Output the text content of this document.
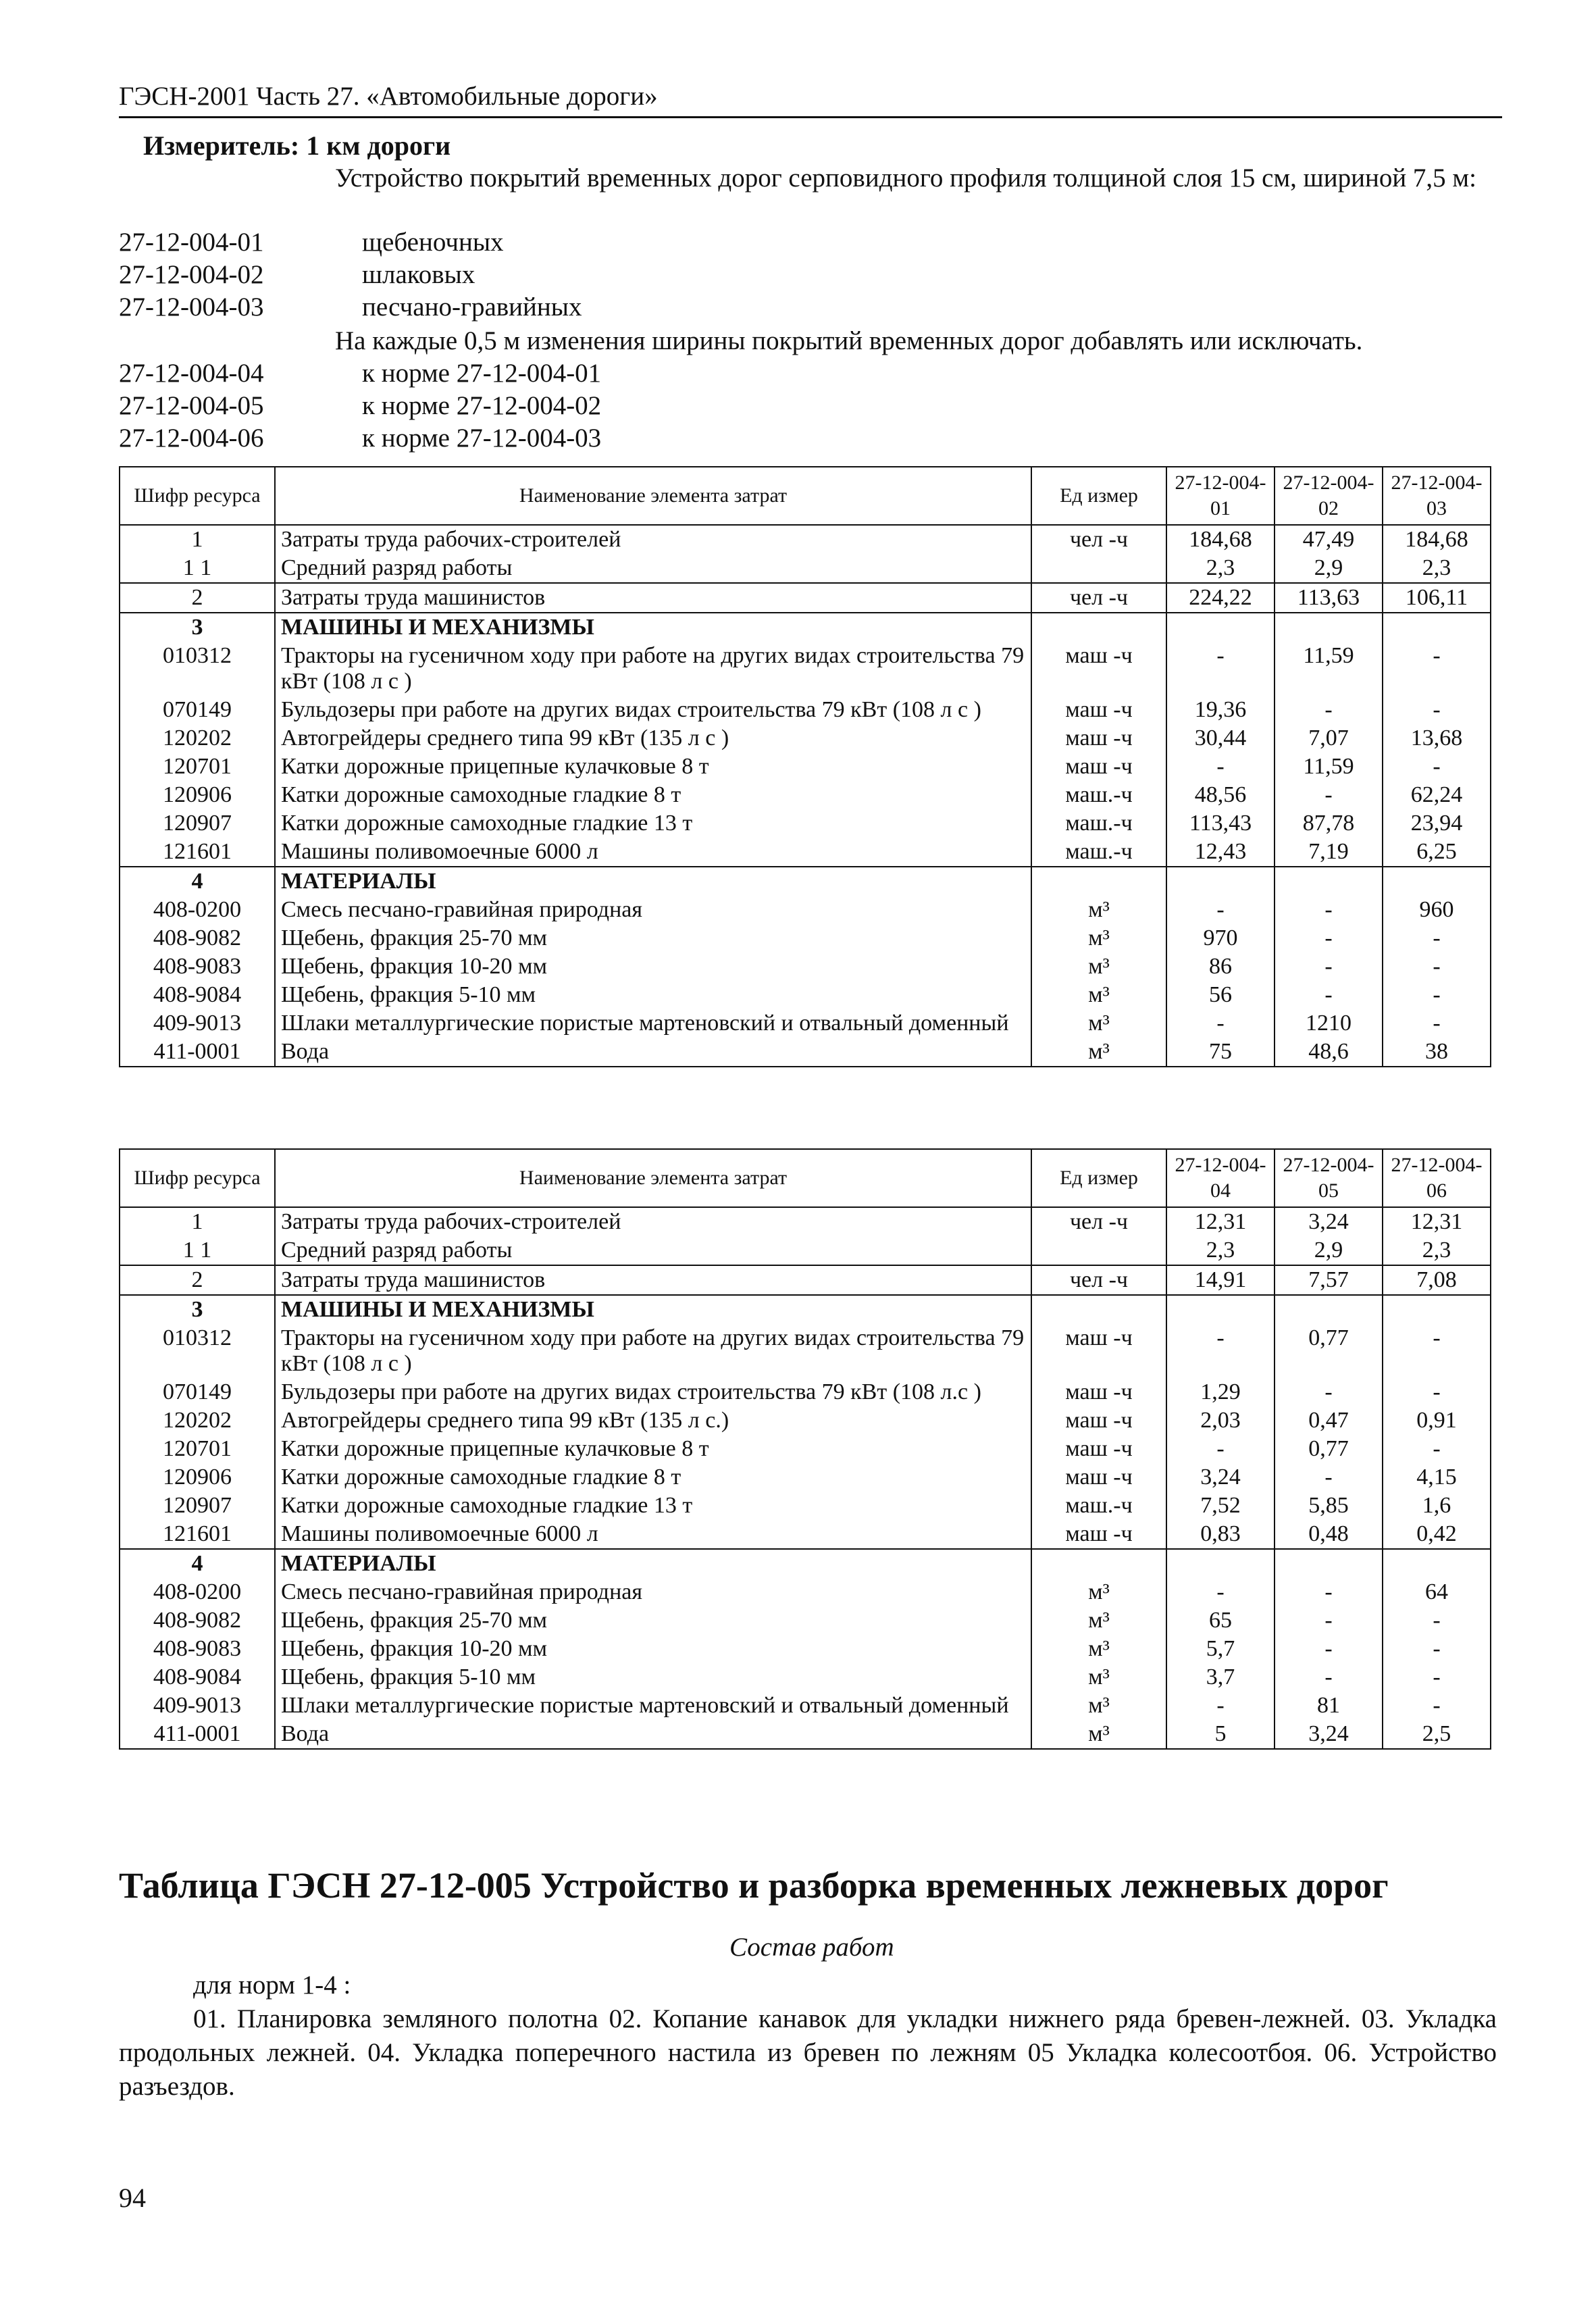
ГЭСН-2001 Часть 27. «Автомобильные дороги»
Измеритель: 1 км дороги
Устройство покрытий временных дорог серповидного профиля толщиной слоя 15 см, шириной 7,5 м:
27-12-004-01	щебеночных
27-12-004-02	шлаковых
27-12-004-03	песчано-гравийных
На каждые 0,5 м изменения ширины покрытий временных дорог добавлять или исключать.
27-12-004-04	к норме 27-12-004-01
27-12-004-05	к норме 27-12-004-02
27-12-004-06	к норме 27-12-004-03
Шифр ресурса	Наименование элемента затрат	Ед измер	27-12-004-01	27-12-004-02	27-12-004-03
1	Затраты труда рабочих-строителей	чел -ч	184,68	47,49	184,68
1 1	Средний разряд работы		2,3	2,9	2,3
2	Затраты труда машинистов	чел -ч	224,22	113,63	106,11
3	МАШИНЫ И МЕХАНИЗМЫ				
010312	Тракторы на гусеничном ходу при работе на других видах строительства 79 кВт (108 л с )	маш -ч	-	11,59	-
070149	Бульдозеры при работе на других видах строительства 79 кВт (108 л с )	маш -ч	19,36	-	-
120202	Автогрейдеры среднего типа 99 кВт (135 л с )	маш -ч	30,44	7,07	13,68
120701	Катки дорожные прицепные кулачковые 8 т	маш -ч	-	11,59	-
120906	Катки дорожные самоходные гладкие 8 т	маш.-ч	48,56	-	62,24
120907	Катки дорожные самоходные гладкие 13 т	маш.-ч	113,43	87,78	23,94
121601	Машины поливомоечные 6000 л	маш.-ч	12,43	7,19	6,25
4	МАТЕРИАЛЫ				
408-0200	Смесь песчано-гравийная природная	м³	-	-	960
408-9082	Щебень, фракция 25-70 мм	м³	970	-	-
408-9083	Щебень, фракция 10-20 мм	м³	86	-	-
408-9084	Щебень, фракция 5-10 мм	м³	56	-	-
409-9013	Шлаки металлургические пористые мартеновский и отвальный доменный	м³	-	1210	-
411-0001	Вода	м³	75	48,6	38
Шифр ресурса	Наименование элемента затрат	Ед измер	27-12-004-04	27-12-004-05	27-12-004-06
1	Затраты труда рабочих-строителей	чел -ч	12,31	3,24	12,31
1 1	Средний разряд работы		2,3	2,9	2,3
2	Затраты труда машинистов	чел -ч	14,91	7,57	7,08
3	МАШИНЫ И МЕХАНИЗМЫ				
010312	Тракторы на гусеничном ходу при работе на других видах строительства 79 кВт (108 л с )	маш -ч	-	0,77	-
070149	Бульдозеры при работе на других видах строительства 79 кВт (108 л.с )	маш -ч	1,29	-	-
120202	Автогрейдеры среднего типа 99 кВт (135 л с.)	маш -ч	2,03	0,47	0,91
120701	Катки дорожные прицепные кулачковые 8 т	маш -ч	-	0,77	-
120906	Катки дорожные самоходные гладкие 8 т	маш -ч	3,24	-	4,15
120907	Катки дорожные самоходные гладкие 13 т	маш.-ч	7,52	5,85	1,6
121601	Машины поливомоечные 6000 л	маш -ч	0,83	0,48	0,42
4	МАТЕРИАЛЫ				
408-0200	Смесь песчано-гравийная природная	м³	-	-	64
408-9082	Щебень, фракция 25-70 мм	м³	65	-	-
408-9083	Щебень, фракция 10-20 мм	м³	5,7	-	-
408-9084	Щебень, фракция 5-10 мм	м³	3,7	-	-
409-9013	Шлаки металлургические пористые мартеновский и отвальный доменный	м³	-	81	-
411-0001	Вода	м³	5	3,24	2,5
Таблица ГЭСН 27-12-005 Устройство и разборка временных лежневых дорог
Состав работ
для норм 1-4 :
01. Планировка земляного полотна 02. Копание канавок для укладки нижнего ряда бревен-лежней. 03. Укладка продольных лежней. 04. Укладка поперечного настила из бревен по лежням 05 Укладка колесоотбоя. 06. Устройство разъездов.
94
